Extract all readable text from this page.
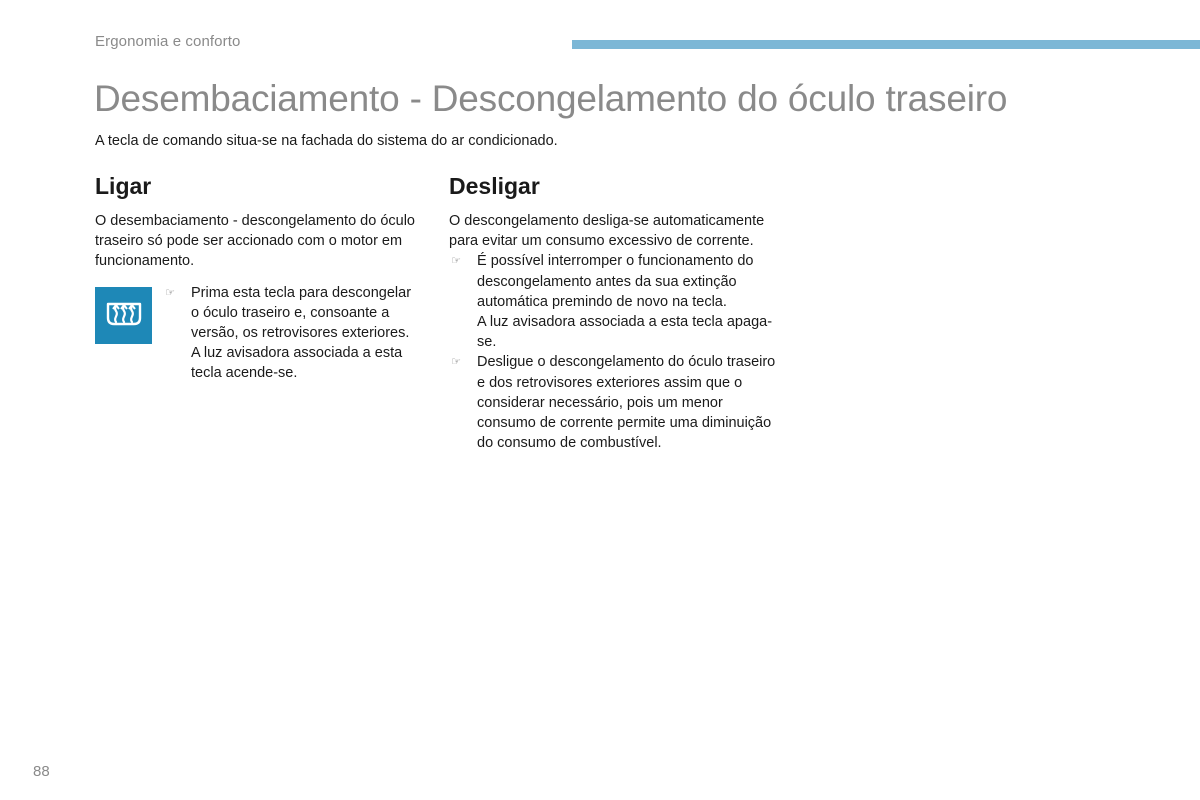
Ergonomia e conforto
Desembaciamento - Descongelamento do óculo traseiro

A tecla de comando situa-se na fachada do sistema do ar condicionado.

Ligar

O desembaciamento - descongelamento do óculo traseiro só pode ser accionado com o motor em funcionamento.

☞ Prima esta tecla para descongelar o óculo traseiro e, consoante a versão, os retrovisores exteriores. A luz avisadora associada a esta tecla acende-se.
Desligar

O descongelamento desliga-se automaticamente para evitar um consumo excessivo de corrente.

☞ É possível interromper o funcionamento do descongelamento antes da sua extinção automática premindo de novo na tecla.
A luz avisadora associada a esta tecla apaga-se.
☞ Desligue o descongelamento do óculo traseiro e dos retrovisores exteriores assim que o considerar necessário, pois um menor consumo de corrente permite uma diminuição do consumo de combustível.
88
